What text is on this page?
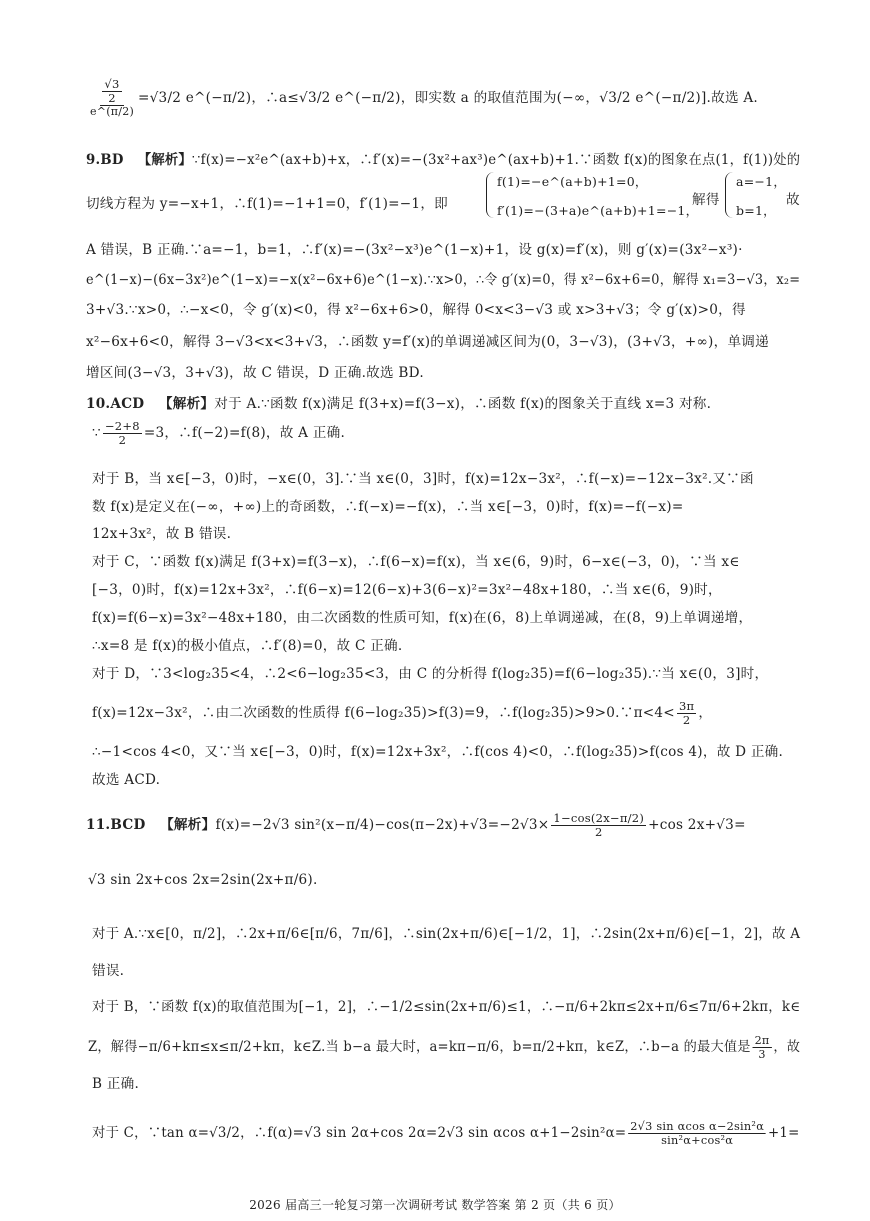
$\frac{\frac{√3}{2}}{e\^{}(\pi/2)} =√3/2$ e^(−π/2)，∴a≤√3/2 e^(−π/2)，即实数 a 的取值范围为(−∞，√3/2 e^(−π/2)].故选 A.
9.BD 【解析】∵f(x)=−x²e^(ax+b)+x，∴f′(x)=−(3x²+ax³)e^(ax+b)+1.∵函数 f(x)的图象在点(1，f(1))处的
切线方程为 y=−x+1，∴f(1)=−1+1=0，f′(1)=−1，即
f(1)=−e^(a+b)+1=0，
f′(1)=−(3+a)e^(a+b)+1=−1，
解得
a=−1，
b=1，
故
A 错误，B 正确.∵a=−1，b=1，∴f′(x)=−(3x²−x³)e^(1−x)+1，设 g(x)=f′(x)，则 g′(x)=(3x²−x³)·
e^(1−x)−(6x−3x²)e^(1−x)=−x(x²−6x+6)e^(1−x).∵x>0，∴令 g′(x)=0，得 x²−6x+6=0，解得 x₁=3−√3，x₂=
3+√3.∵x>0，∴−x<0，令 g′(x)<0，得 x²−6x+6>0，解得 0<x<3−√3 或 x>3+√3；令 g′(x)>0，得
x²−6x+6<0，解得 3−√3<x<3+√3，∴函数 y=f′(x)的单调递减区间为(0，3−√3)，(3+√3，+∞)，单调递
增区间(3−√3，3+√3)，故 C 错误，D 正确.故选 BD.
10.ACD 【解析】对于 A.∵函数 f(x)满足 f(3+x)=f(3−x)，∴函数 f(x)的图象关于直线 x=3 对称.
∵ $\frac{-2+8}{2} =3$，∴f(−2)=f(8)，故 A 正确.
对于 B，当 x∈[−3，0)时，−x∈(0，3].∵当 x∈(0，3]时，f(x)=12x−3x²，∴f(−x)=−12x−3x².又∵函
数 f(x)是定义在(−∞，+∞)上的奇函数，∴f(−x)=−f(x)，∴当 x∈[−3，0)时，f(x)=−f(−x)=
12x+3x²，故 B 错误.
对于 C，∵函数 f(x)满足 f(3+x)=f(3−x)，∴f(6−x)=f(x)，当 x∈(6，9)时，6−x∈(−3，0)，∵当 x∈
[−3，0)时，f(x)=12x+3x²，∴f(6−x)=12(6−x)+3(6−x)²=3x²−48x+180，∴当 x∈(6，9)时，
f(x)=f(6−x)=3x²−48x+180，由二次函数的性质可知，f(x)在(6，8)上单调递减，在(8，9)上单调递增，
∴x=8 是 f(x)的极小值点，∴f′(8)=0，故 C 正确.
对于 D，∵3<log₂35<4，∴2<6−log₂35<3，由 C 的分析得 f(log₂35)=f(6−log₂35).∵当 x∈(0，3]时，
f(x)=12x−3x²，∴由二次函数的性质得 f(6−log₂35)>f(3)=9，∴f(log₂35)>9>0.∵π<4< $\frac{3\pi}{2}$ ，
∴−1<cos 4<0，又∵当 x∈[−3，0)时，f(x)=12x+3x²，∴f(cos 4)<0，∴f(log₂35)>f(cos 4)，故 D 正确.
故选 ACD.
11.BCD 【解析】f(x)=−2√3 $\sin^2(x-\pi/4)-\cos(\pi-2x)+√3=-2√3\times \frac{1-\cos(2x-\pi/2)}{2} +\cos$ 2x+√3=
√3 sin 2x+cos 2x=2sin(2x+π/6).
对于 A.∵x∈[0，π/2]，∴2x+π/6∈[π/6，7π/6]，∴sin(2x+π/6)∈[−1/2，1]，∴2sin(2x+π/6)∈[−1，2]，故 A
错误.
对于 B，∵函数 f(x)的取值范围为[−1，2]，∴−1/2≤sin(2x+π/6)≤1，∴−π/6+2kπ≤2x+π/6≤7π/6+2kπ，k∈
Z，解得−π/6+kπ≤x≤π/2+kπ，k∈Z.当 b−a 最大时，a=kπ−π/6，b=π/2+kπ，k∈Z，∴b−a 的最大值是 $\frac{2\pi}{3}$ ，故
B 正确.
对于 C，∵tan α=√3/2，∴f(α)=√3 sin 2α+cos 2α=2√3 sin αcos $\alpha+1-2\sin^2\alpha= \frac{\text{2√3 sin αcos α−2sin²α}}{\text{sin²α+cos²α}} +1=$
2026 届高三一轮复习第一次调研考试 数学答案 第 2 页（共 6 页）
